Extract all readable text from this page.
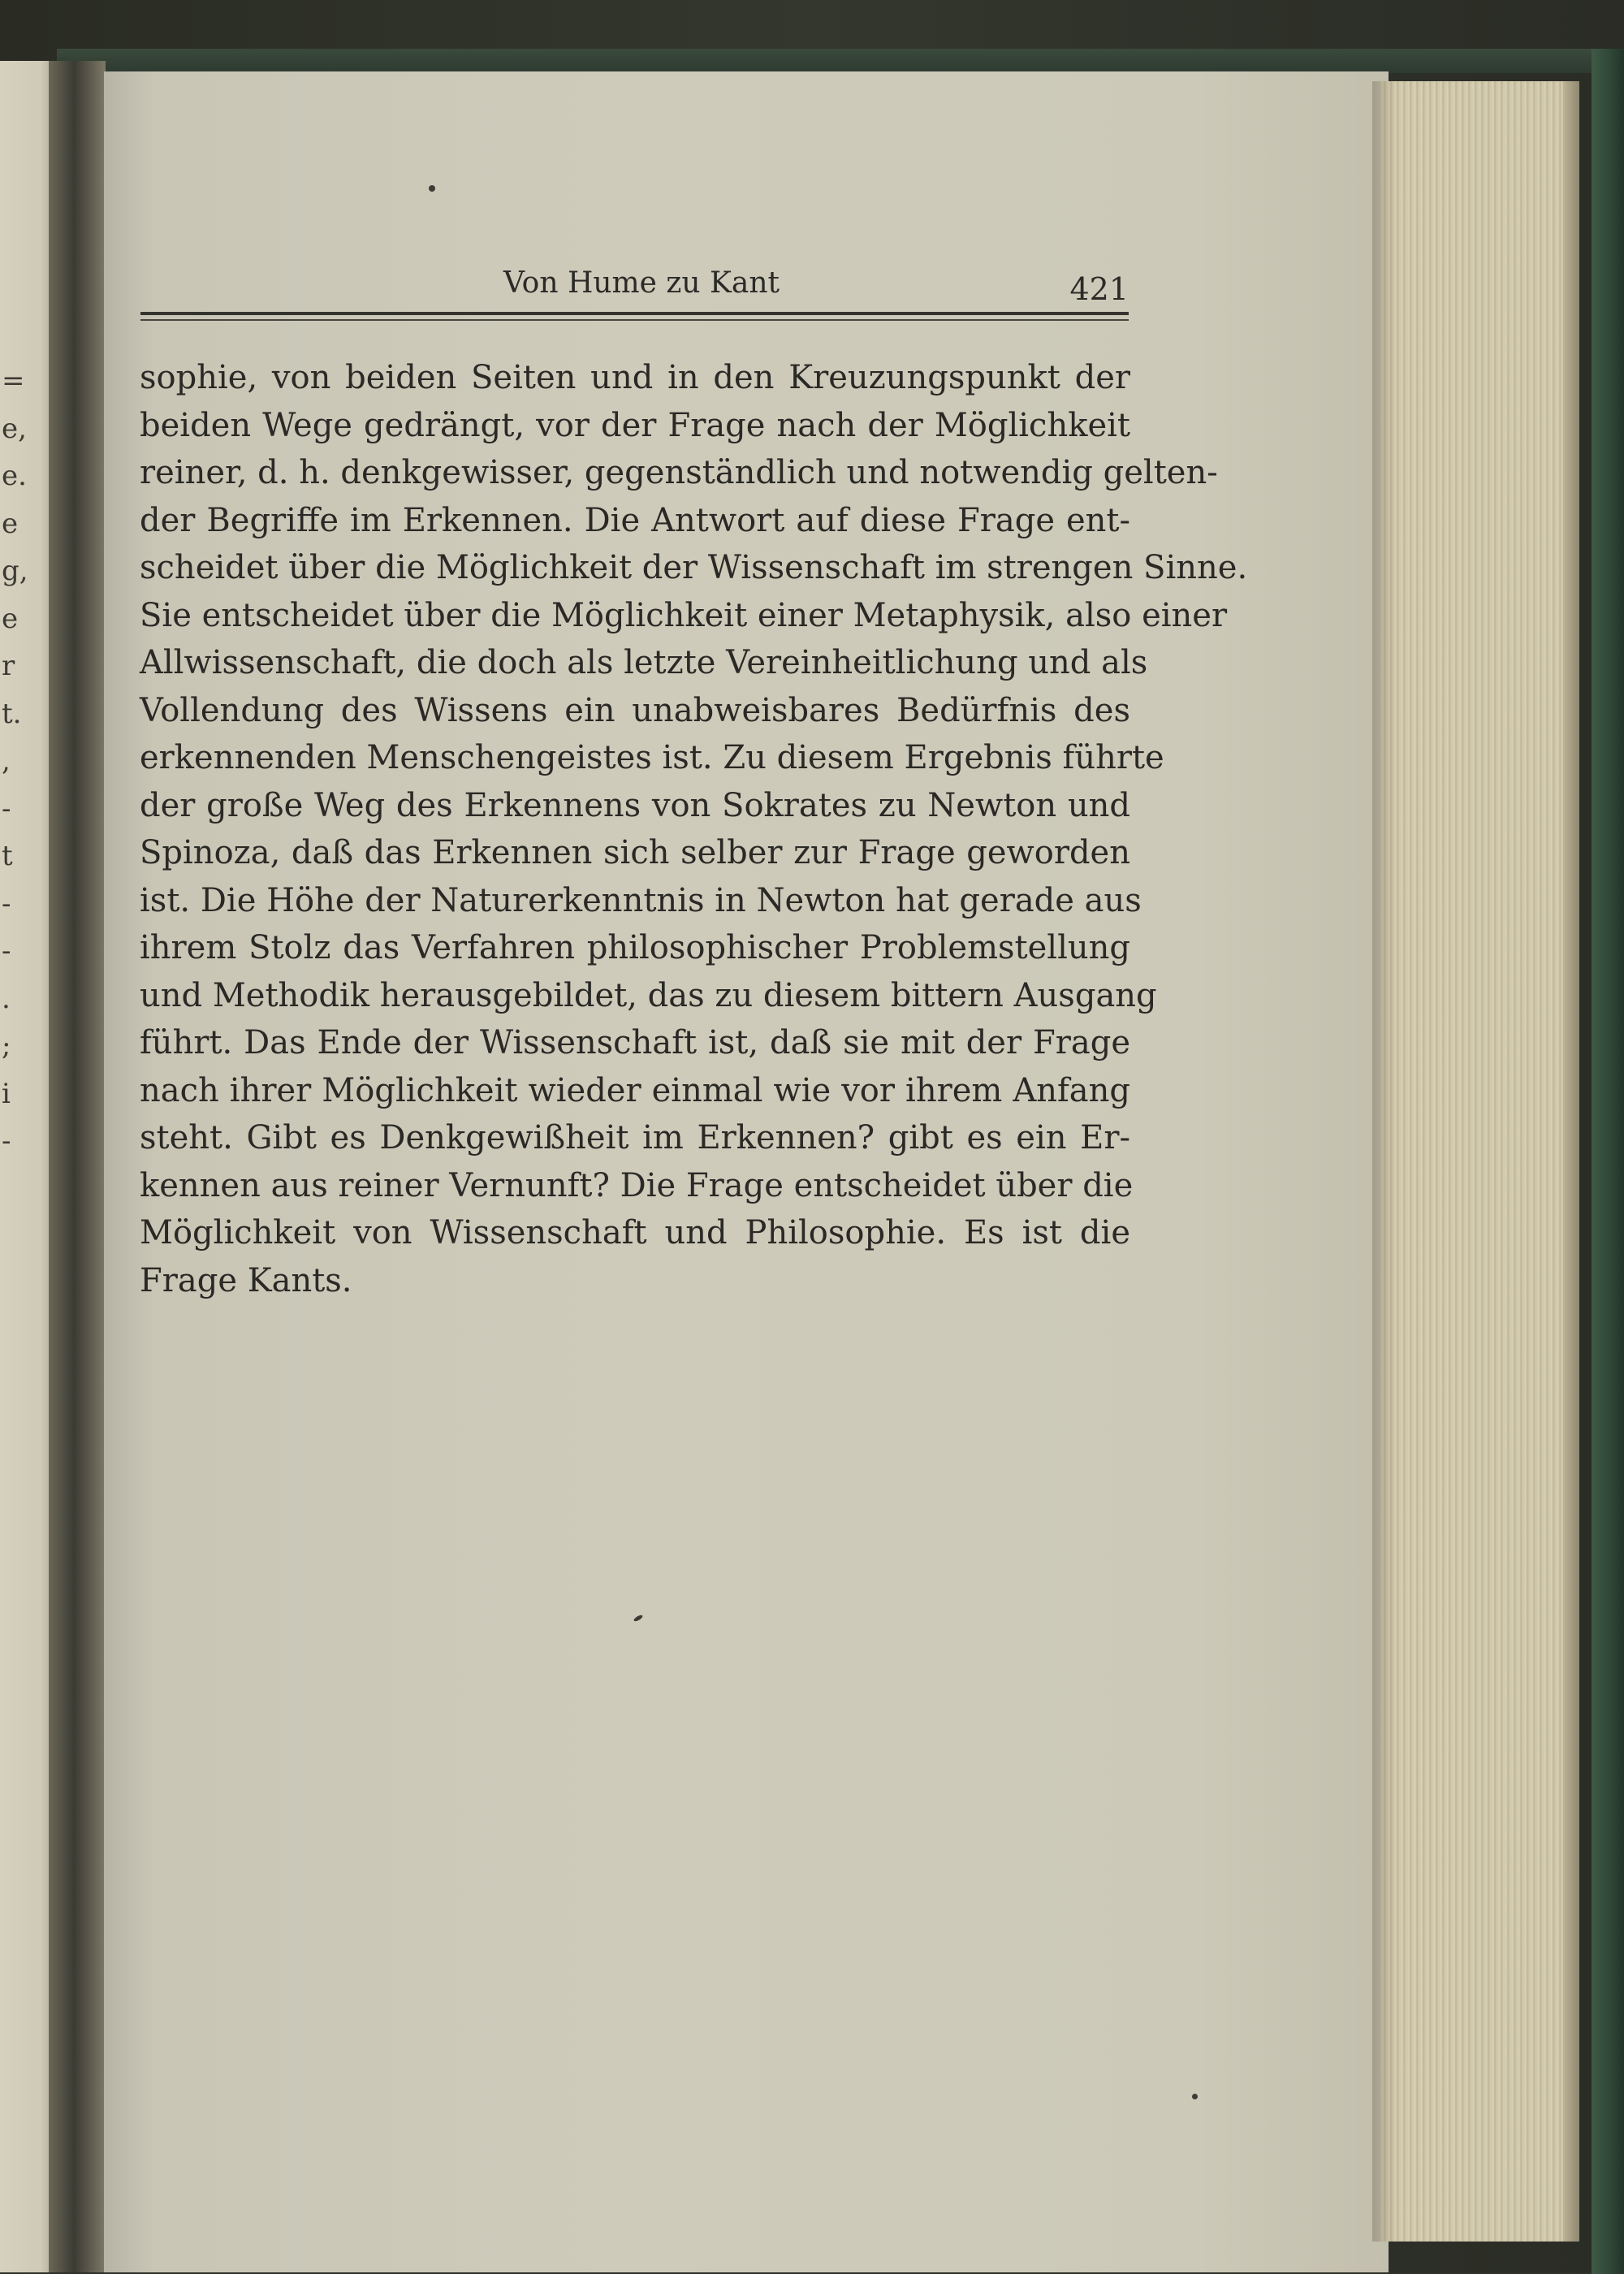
=
e,
e.
e
g,
e
r
t.
,
-
t
-
-
.
;
i
-
Von Hume zu Kant	421
sophie, von beiden Seiten und in den Kreuzungspunkt der
beiden Wege gedrängt, vor der Frage nach der Möglichkeit
reiner, d. h. denkgewisser, gegenständlich und notwendig gelten-
der Begriffe im Erkennen. Die Antwort auf diese Frage ent-
scheidet über die Möglichkeit der Wissenschaft im strengen Sinne.
Sie entscheidet über die Möglichkeit einer Metaphysik, also einer
Allwissenschaft, die doch als letzte Vereinheitlichung und als
Vollendung des Wissens ein unabweisbares Bedürfnis des
erkennenden Menschengeistes ist. Zu diesem Ergebnis führte
der große Weg des Erkennens von Sokrates zu Newton und
Spinoza, daß das Erkennen sich selber zur Frage geworden
ist. Die Höhe der Naturerkenntnis in Newton hat gerade aus
ihrem Stolz das Verfahren philosophischer Problemstellung
und Methodik herausgebildet, das zu diesem bittern Ausgang
führt. Das Ende der Wissenschaft ist, daß sie mit der Frage
nach ihrer Möglichkeit wieder einmal wie vor ihrem Anfang
steht. Gibt es Denkgewißheit im Erkennen? gibt es ein Er-
kennen aus reiner Vernunft? Die Frage entscheidet über die
Möglichkeit von Wissenschaft und Philosophie. Es ist die
Frage Kants.
